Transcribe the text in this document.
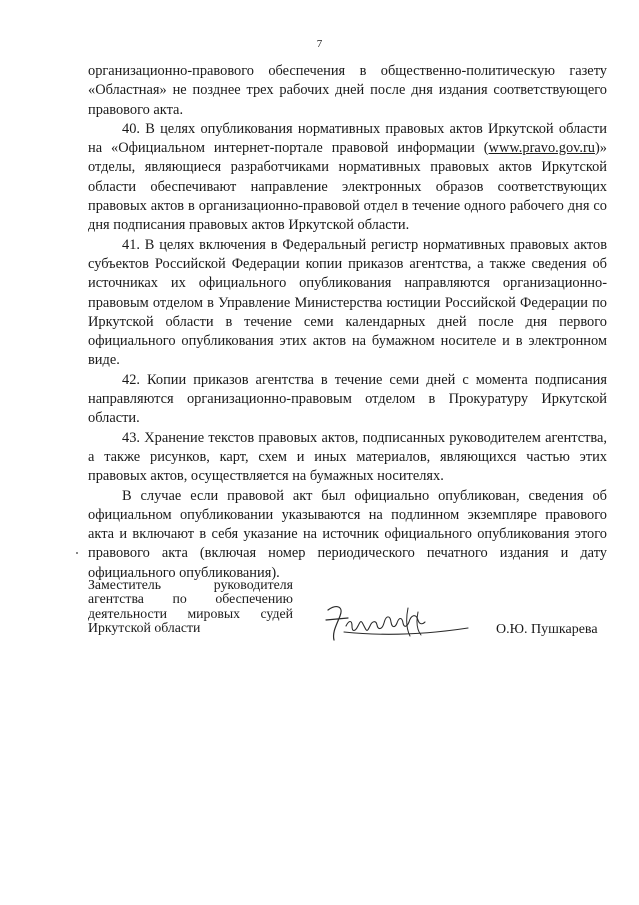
7

организационно-правового обеспечения в общественно-политическую газету «Областная» не позднее трех рабочих дней после дня издания соответствующего правового акта.

40. В целях опубликования нормативных правовых актов Иркутской области на «Официальном интернет-портале правовой информации (www.pravo.gov.ru)» отделы, являющиеся разработчиками нормативных правовых актов Иркутской области обеспечивают направление электронных образов соответствующих правовых актов в организационно-правовой отдел в течение одного рабочего дня со дня подписания правовых актов Иркутской области.

41. В целях включения в Федеральный регистр нормативных правовых актов субъектов Российской Федерации копии приказов агентства, а также сведения об источниках их официального опубликования направляются организационно-правовым отделом в Управление Министерства юстиции Российской Федерации по Иркутской области в течение семи календарных дней после дня первого официального опубликования этих актов на бумажном носителе и в электронном виде.

42. Копии приказов агентства в течение семи дней с момента подписания направляются организационно-правовым отделом в Прокуратуру Иркутской области.

43. Хранение текстов правовых актов, подписанных руководителем агентства, а также рисунков, карт, схем и иных материалов, являющихся частью этих правовых актов, осуществляется на бумажных носителях.

В случае если правовой акт был официально опубликован, сведения об официальном опубликовании указываются на подлинном экземпляре правового акта и включают в себя указание на источник официального опубликования этого правового акта (включая номер периодического печатного издания и дату официального опубликования).

Заместитель руководителя
агентства по обеспечению
деятельности мировых судей
Иркутской области	О.Ю. Пушкарева
